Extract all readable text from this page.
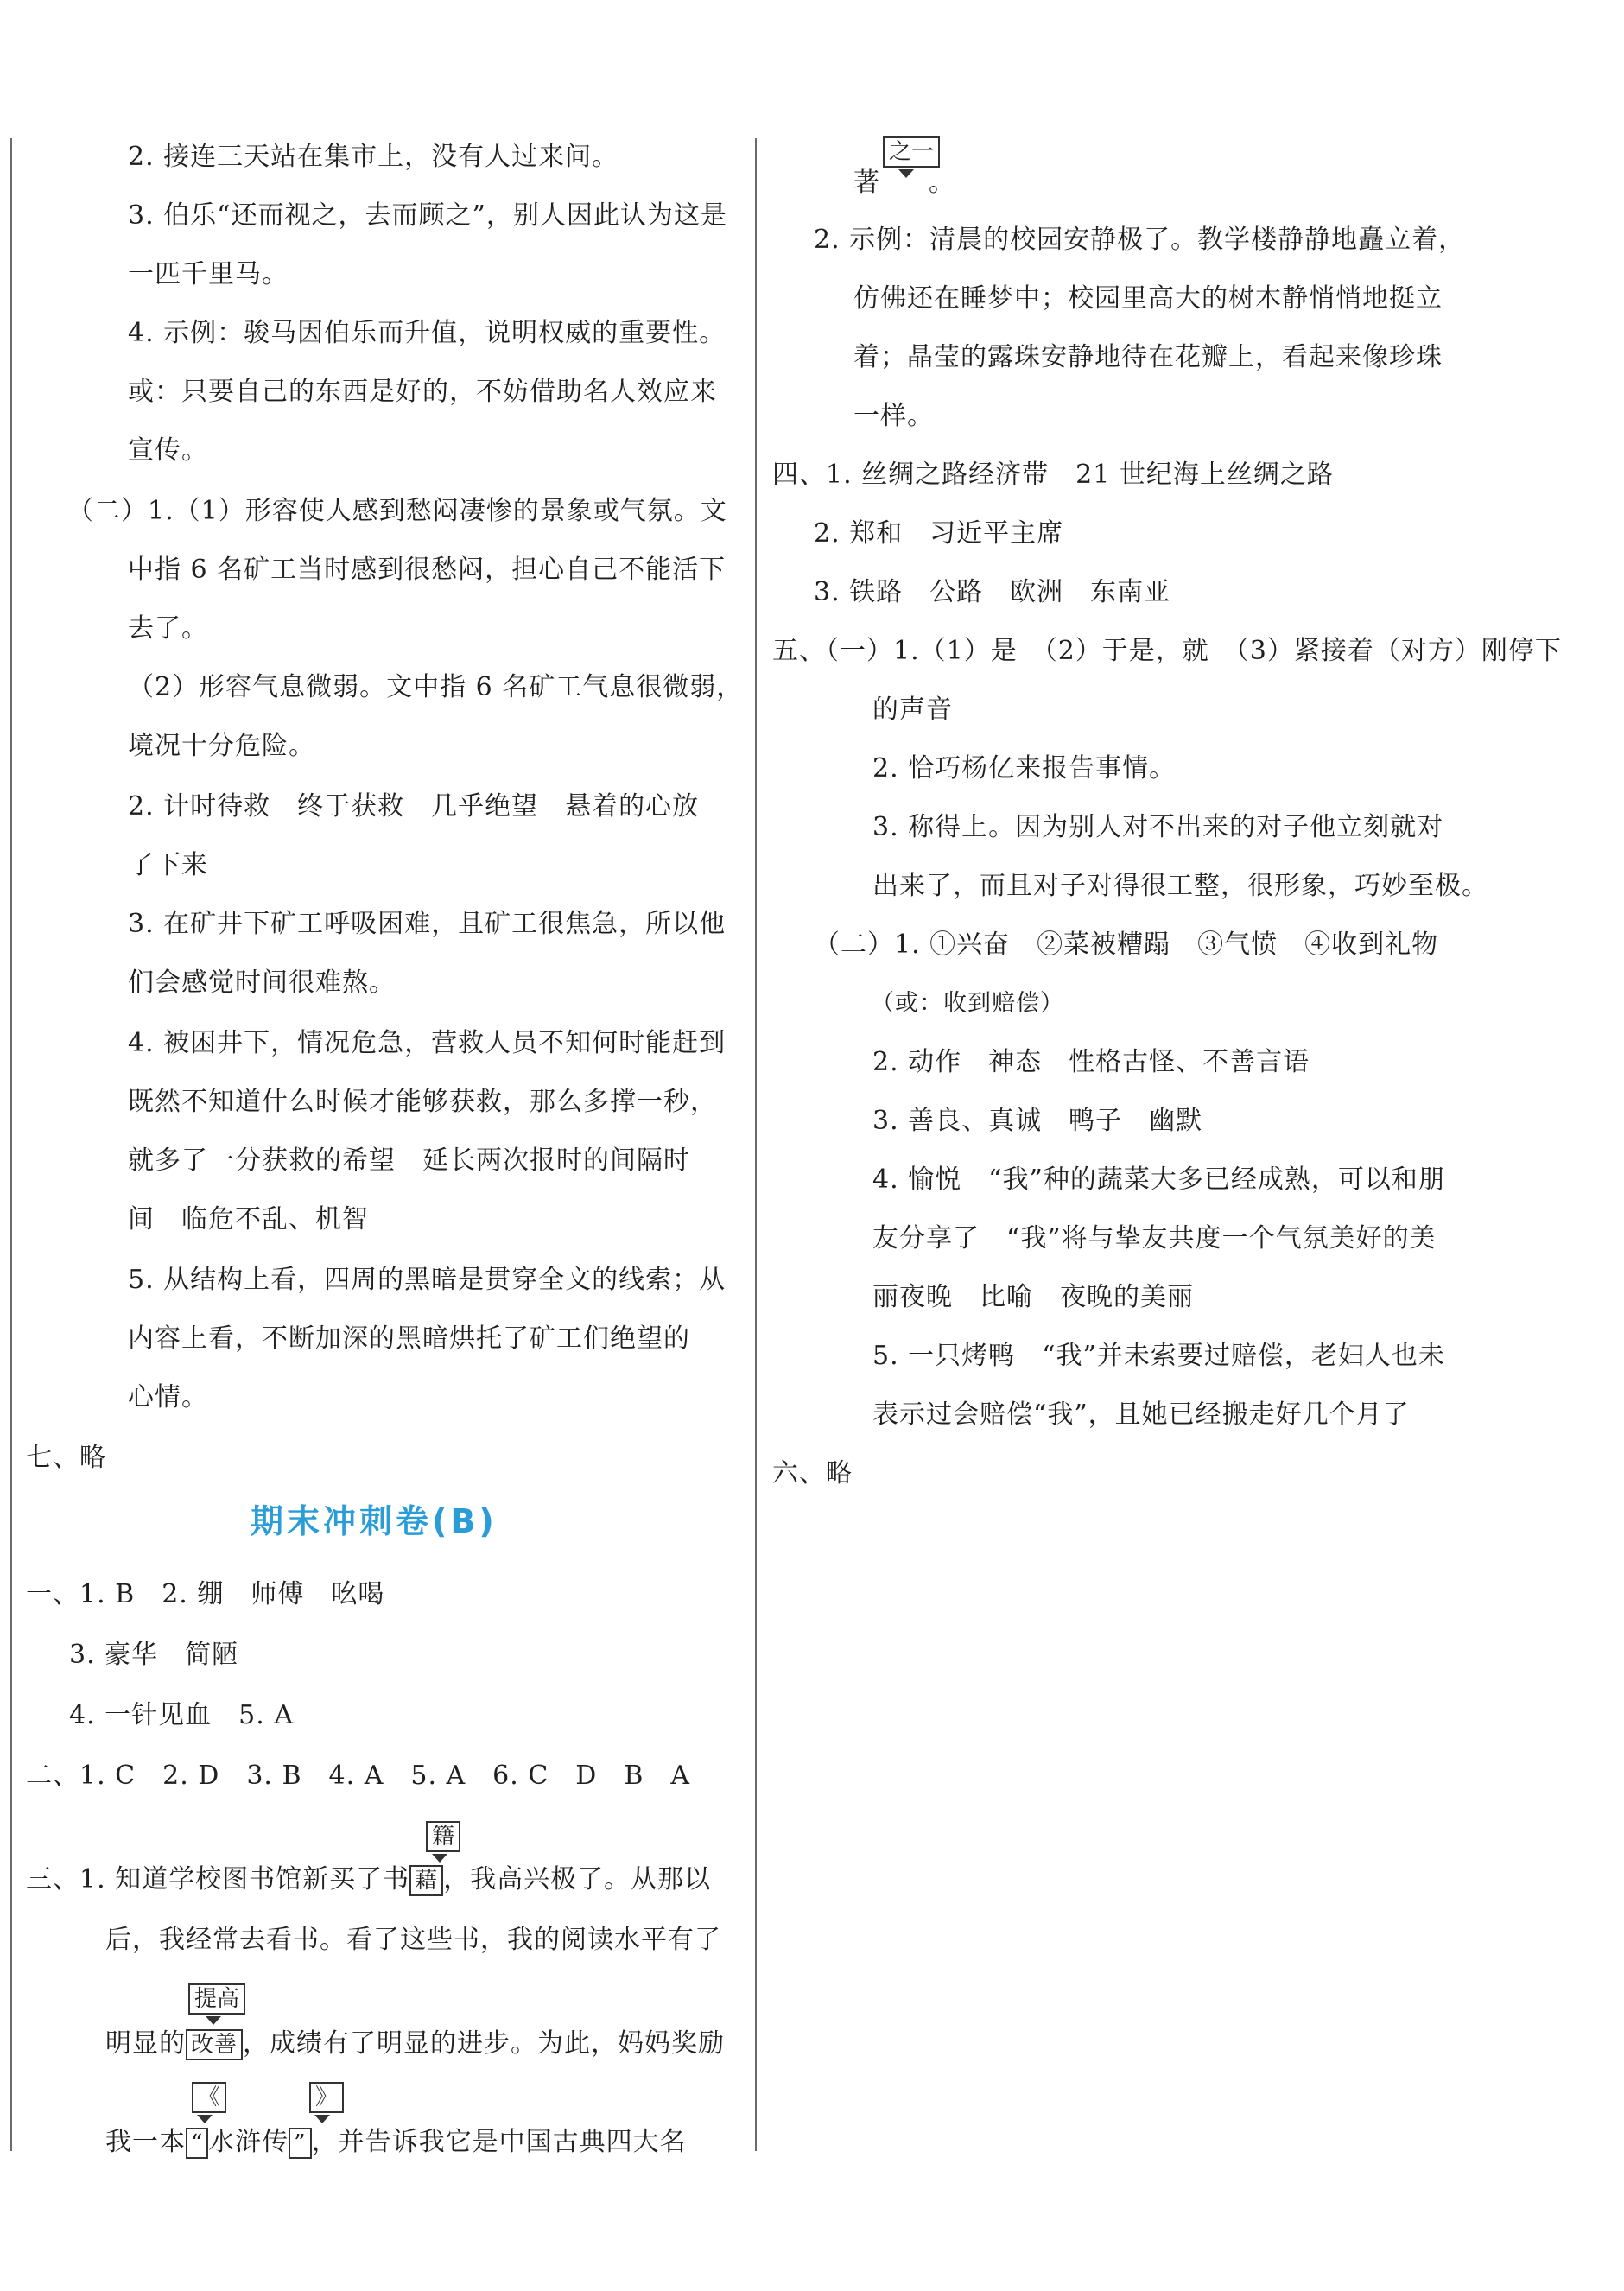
2. 接连三天站在集市上，没有人过来问。
3. 伯乐“还而视之，去而顾之”，别人因此认为这是
一匹千里马。
4. 示例：骏马因伯乐而升值，说明权威的重要性。
或：只要自己的东西是好的，不妨借助名人效应来
宣传。
（二）1.（1）形容使人感到愁闷凄惨的景象或气氛。文
中指 6 名矿工当时感到很愁闷，担心自己不能活下
去了。
（2）形容气息微弱。文中指 6 名矿工气息很微弱，
境况十分危险。
2. 计时待救　终于获救　几乎绝望　悬着的心放
了下来
3. 在矿井下矿工呼吸困难，且矿工很焦急，所以他
们会感觉时间很难熬。
4. 被困井下，情况危急，营救人员不知何时能赶到
既然不知道什么时候才能够获救，那么多撑一秒，
就多了一分获救的希望　延长两次报时的间隔时
间　临危不乱、机智
5. 从结构上看，四周的黑暗是贯穿全文的线索；从
内容上看，不断加深的黑暗烘托了矿工们绝望的
心情。
七、略
期末冲刺卷(B)
一、1. B　2. 绷　师傅　吆喝
3. 豪华　简陋
4. 一针见血　5. A
二、1. C　2. D　3. B　4. A　5. A　6. C　D　B　A
籍
三、1. 知道学校图书馆新买了书 藉 ，我高兴极了。从那以
后，我经常去看书。看了这些书，我的阅读水平有了
提高
明显的 改善 ，成绩有了明显的进步。为此，妈妈奖励
《	》
我一本 “ 水浒传 ” ，并告诉我它是中国古典四大名
之一
著 。
2. 示例：清晨的校园安静极了。教学楼静静地矗立着，
仿佛还在睡梦中；校园里高大的树木静悄悄地挺立
着；晶莹的露珠安静地待在花瓣上，看起来像珍珠
一样。
四、1. 丝绸之路经济带　21 世纪海上丝绸之路
2. 郑和　习近平主席
3. 铁路　公路　欧洲　东南亚
五、（一）1.（1）是　（2）于是，就　（3）紧接着（对方）刚停下
的声音
2. 恰巧杨亿来报告事情。
3. 称得上。因为别人对不出来的对子他立刻就对
出来了，而且对子对得很工整，很形象，巧妙至极。
（二）1. ①兴奋　②菜被糟蹋　③气愤　④收到礼物
（或：收到赔偿）
2. 动作　神态　性格古怪、不善言语
3. 善良、真诚　鸭子　幽默
4. 愉悦　“我”种的蔬菜大多已经成熟，可以和朋
友分享了　“我”将与挚友共度一个气氛美好的美
丽夜晚　比喻　夜晚的美丽
5. 一只烤鸭　“我”并未索要过赔偿，老妇人也未
表示过会赔偿“我”，且她已经搬走好几个月了
六、略
